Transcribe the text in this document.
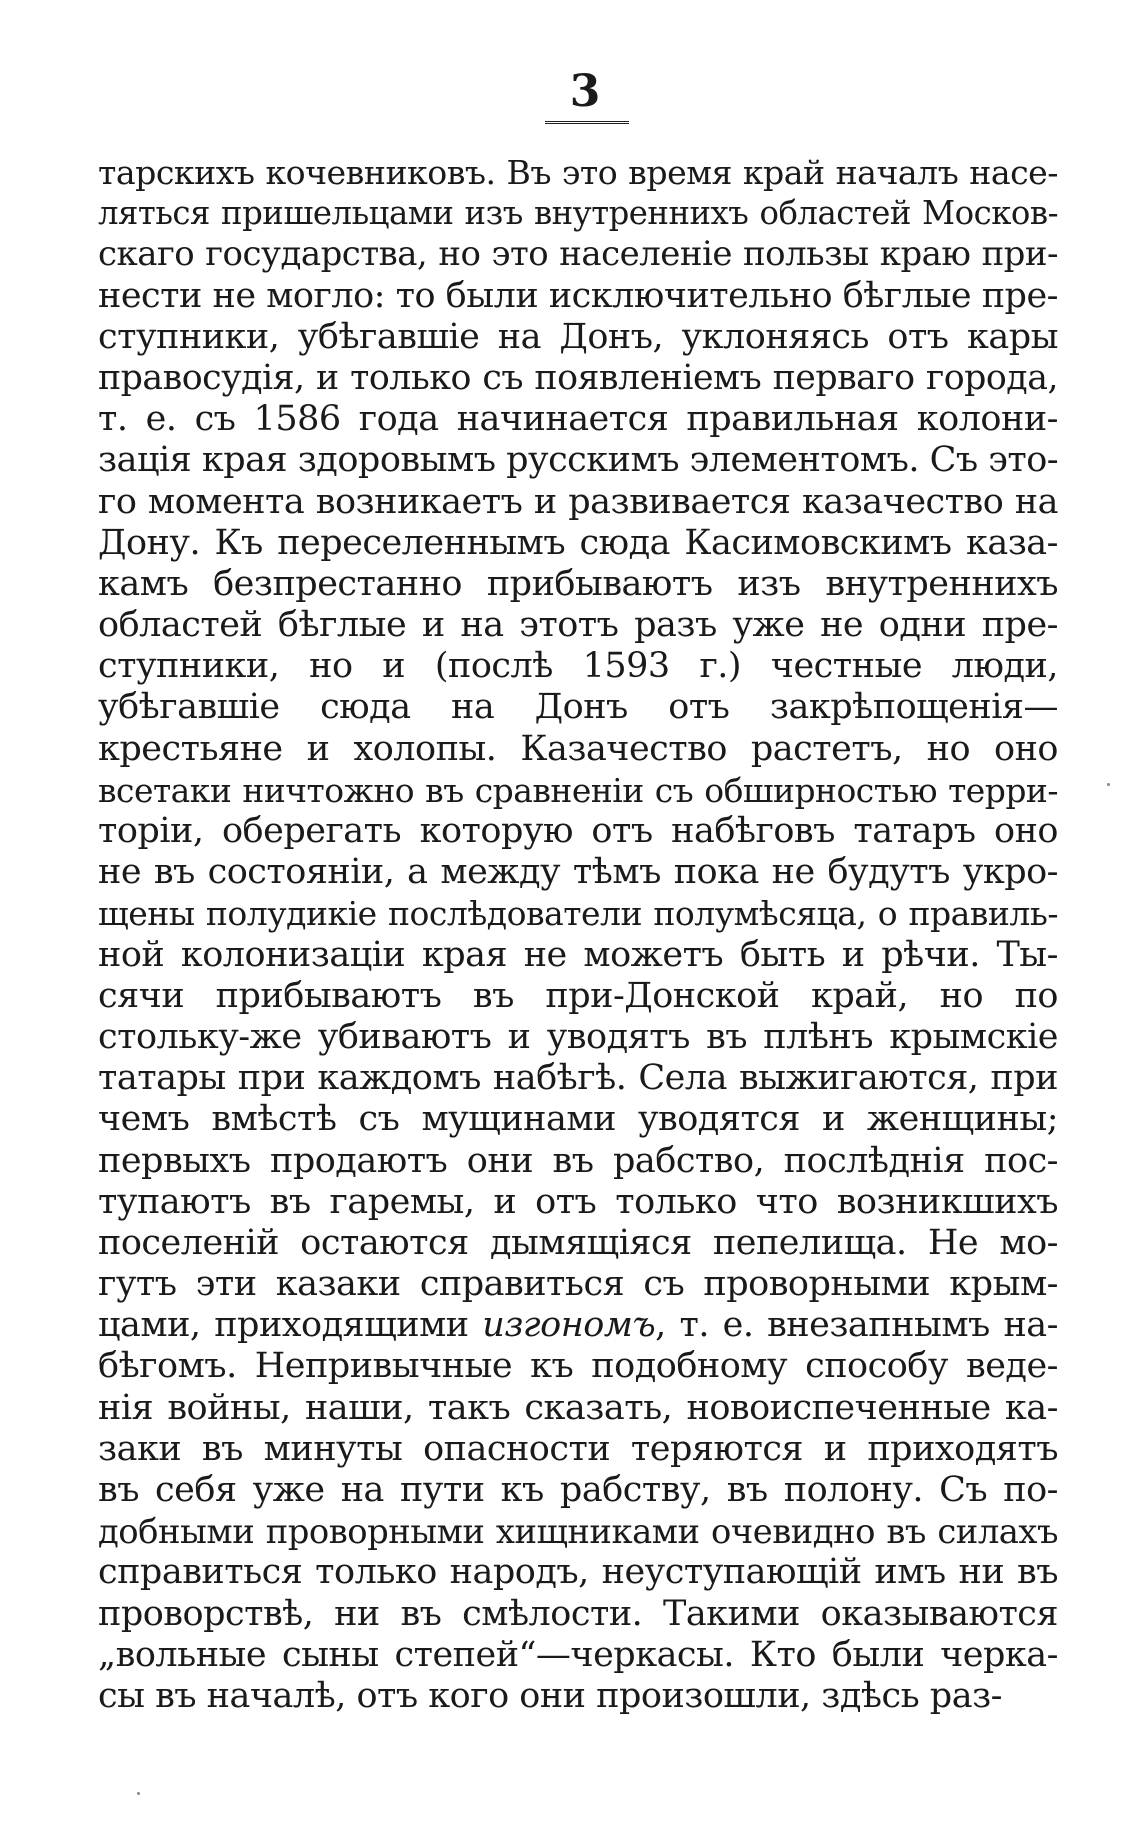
3
тарскихъ кочевниковъ. Въ это время край началъ насе-
ляться пришельцами изъ внутреннихъ областей Москов-
скаго государства, но это населеніе пользы краю при-
нести не могло: то были исключительно бѣглые пре-
ступники, убѣгавшіе на Донъ, уклоняясь отъ кары
правосудія, и только съ появленіемъ перваго города,
т. е. съ 1586 года начинается правильная колони-
зація края здоровымъ русскимъ элементомъ. Съ это-
го момента возникаетъ и развивается казачество на
Дону. Къ переселеннымъ сюда Касимовскимъ каза-
камъ безпрестанно прибываютъ изъ внутреннихъ
областей бѣглые и на этотъ разъ уже не одни пре-
ступники, но и (послѣ 1593 г.) честные люди,
убѣгавшіе сюда на Донъ отъ закрѣпощенія—
крестьяне и холопы. Казачество растетъ, но оно
всетаки ничтожно въ сравненіи съ обширностью терри-
торіи, оберегать которую отъ набѣговъ татаръ оно
не въ состояніи, а между тѣмъ пока не будутъ укро-
щены полудикіе послѣдователи полумѣсяца, о правиль-
ной колонизаціи края не можетъ быть и рѣчи. Ты-
сячи прибываютъ въ при-Донской край, но по
стольку-же убиваютъ и уводятъ въ плѣнъ крымскіе
татары при каждомъ набѣгѣ. Села выжигаются, при
чемъ вмѣстѣ съ мущинами уводятся и женщины;
первыхъ продаютъ они въ рабство, послѣднія пос-
тупаютъ въ гаремы, и отъ только что возникшихъ
поселеній остаются дымящіяся пепелища. Не мо-
гутъ эти казаки справиться съ проворными крым-
цами, приходящими изгономъ, т. е. внезапнымъ на-
бѣгомъ. Непривычные къ подобному способу веде-
нія войны, наши, такъ сказать, новоиспеченные ка-
заки въ минуты опасности теряются и приходятъ
въ себя уже на пути къ рабству, въ полону. Съ по-
добными проворными хищниками очевидно въ силахъ
справиться только народъ, неуступающій имъ ни въ
проворствѣ, ни въ смѣлости. Такими оказываются
„вольные сыны степей“—черкасы. Кто были черка-
сы въ началѣ, отъ кого они произошли, здѣсь раз-
